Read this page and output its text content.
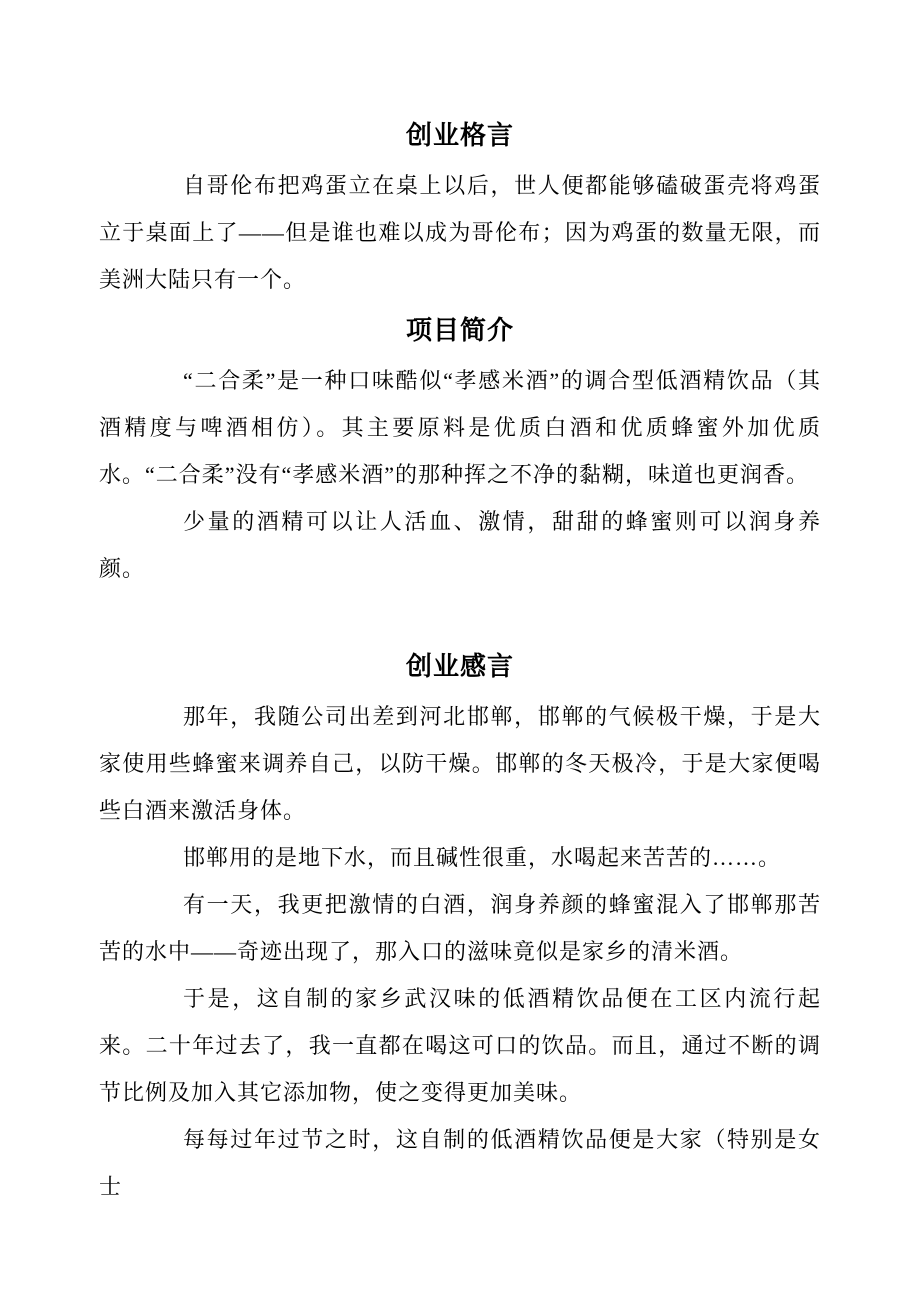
创业格言

自哥伦布把鸡蛋立在桌上以后，世人便都能够磕破蛋壳将鸡蛋立于桌面上了——但是谁也难以成为哥伦布；因为鸡蛋的数量无限，而美洲大陆只有一个。

项目简介

“二合柔”是一种口味酷似“孝感米酒”的调合型低酒精饮品（其酒精度与啤酒相仿）。其主要原料是优质白酒和优质蜂蜜外加优质水。“二合柔”没有“孝感米酒”的那种挥之不净的黏糊，味道也更润香。

少量的酒精可以让人活血、激情，甜甜的蜂蜜则可以润身养颜。

创业感言

那年，我随公司出差到河北邯郸，邯郸的气候极干燥，于是大家使用些蜂蜜来调养自己，以防干燥。邯郸的冬天极冷，于是大家便喝些白酒来激活身体。

邯郸用的是地下水，而且碱性很重，水喝起来苦苦的……。

有一天，我更把激情的白酒，润身养颜的蜂蜜混入了邯郸那苦苦的水中——奇迹出现了，那入口的滋味竟似是家乡的清米酒。

于是，这自制的家乡武汉味的低酒精饮品便在工区内流行起来。二十年过去了，我一直都在喝这可口的饮品。而且，通过不断的调节比例及加入其它添加物，使之变得更加美味。

每每过年过节之时，这自制的低酒精饮品便是大家（特别是女士
